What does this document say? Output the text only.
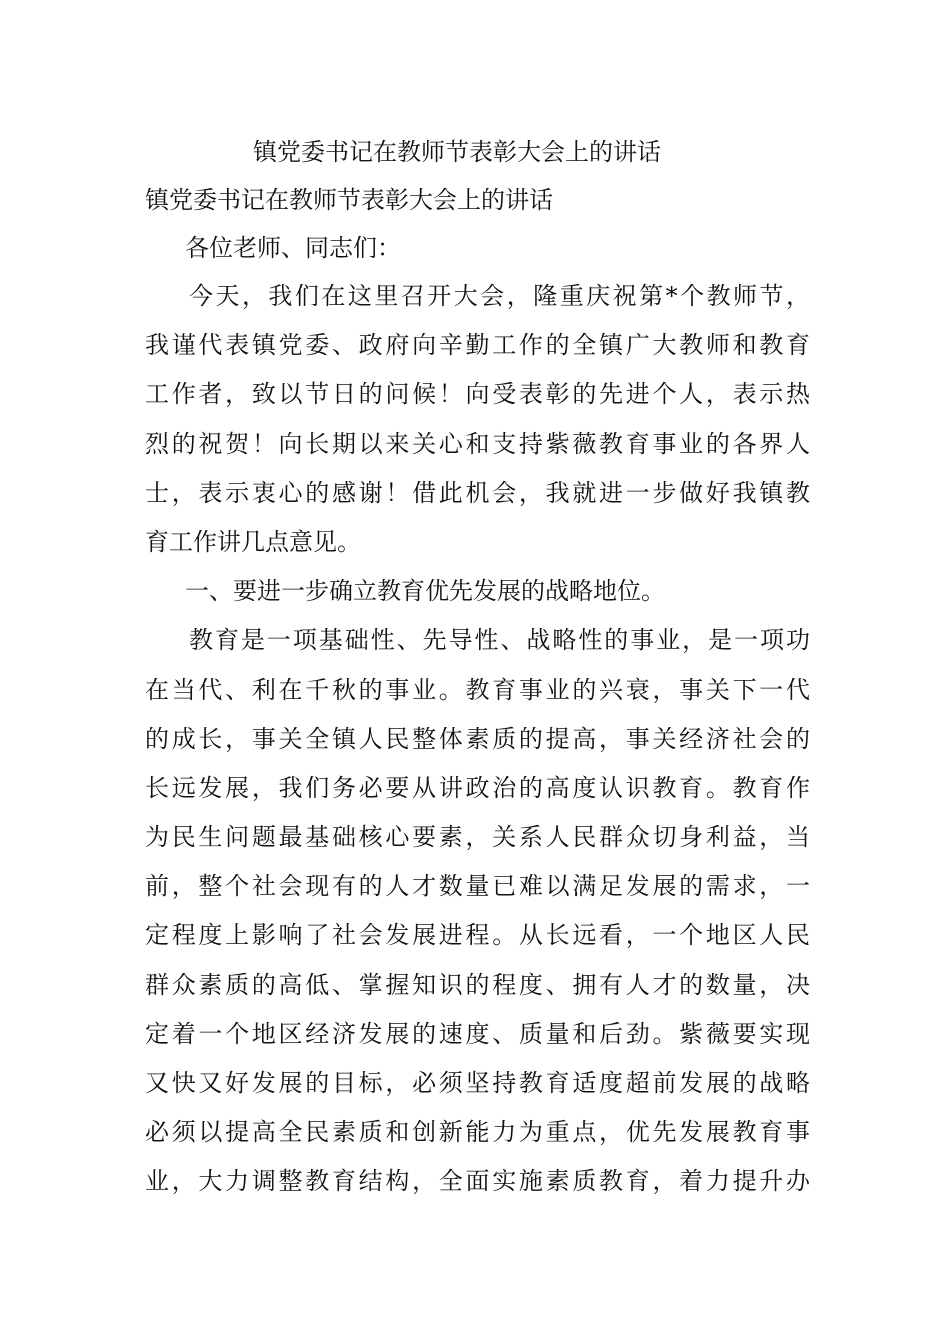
镇党委书记在教师节表彰大会上的讲话
镇党委书记在教师节表彰大会上的讲话

各位老师、同志们：

今天，我们在这里召开大会，隆重庆祝第*个教师节，
我谨代表镇党委、政府向辛勤工作的全镇广大教师和教育
工作者，致以节日的问候！向受表彰的先进个人，表示热
烈的祝贺！向长期以来关心和支持紫薇教育事业的各界人
士，表示衷心的感谢！借此机会，我就进一步做好我镇教
育工作讲几点意见。

一、要进一步确立教育优先发展的战略地位。

教育是一项基础性、先导性、战略性的事业，是一项功
在当代、利在千秋的事业。教育事业的兴衰，事关下一代
的成长，事关全镇人民整体素质的提高，事关经济社会的
长远发展，我们务必要从讲政治的高度认识教育。教育作
为民生问题最基础核心要素，关系人民群众切身利益，当
前，整个社会现有的人才数量已难以满足发展的需求，一
定程度上影响了社会发展进程。从长远看，一个地区人民
群众素质的高低、掌握知识的程度、拥有人才的数量，决
定着一个地区经济发展的速度、质量和后劲。紫薇要实现
又快又好发展的目标，必须坚持教育适度超前发展的战略
必须以提高全民素质和创新能力为重点，优先发展教育事
业，大力调整教育结构，全面实施素质教育，着力提升办
